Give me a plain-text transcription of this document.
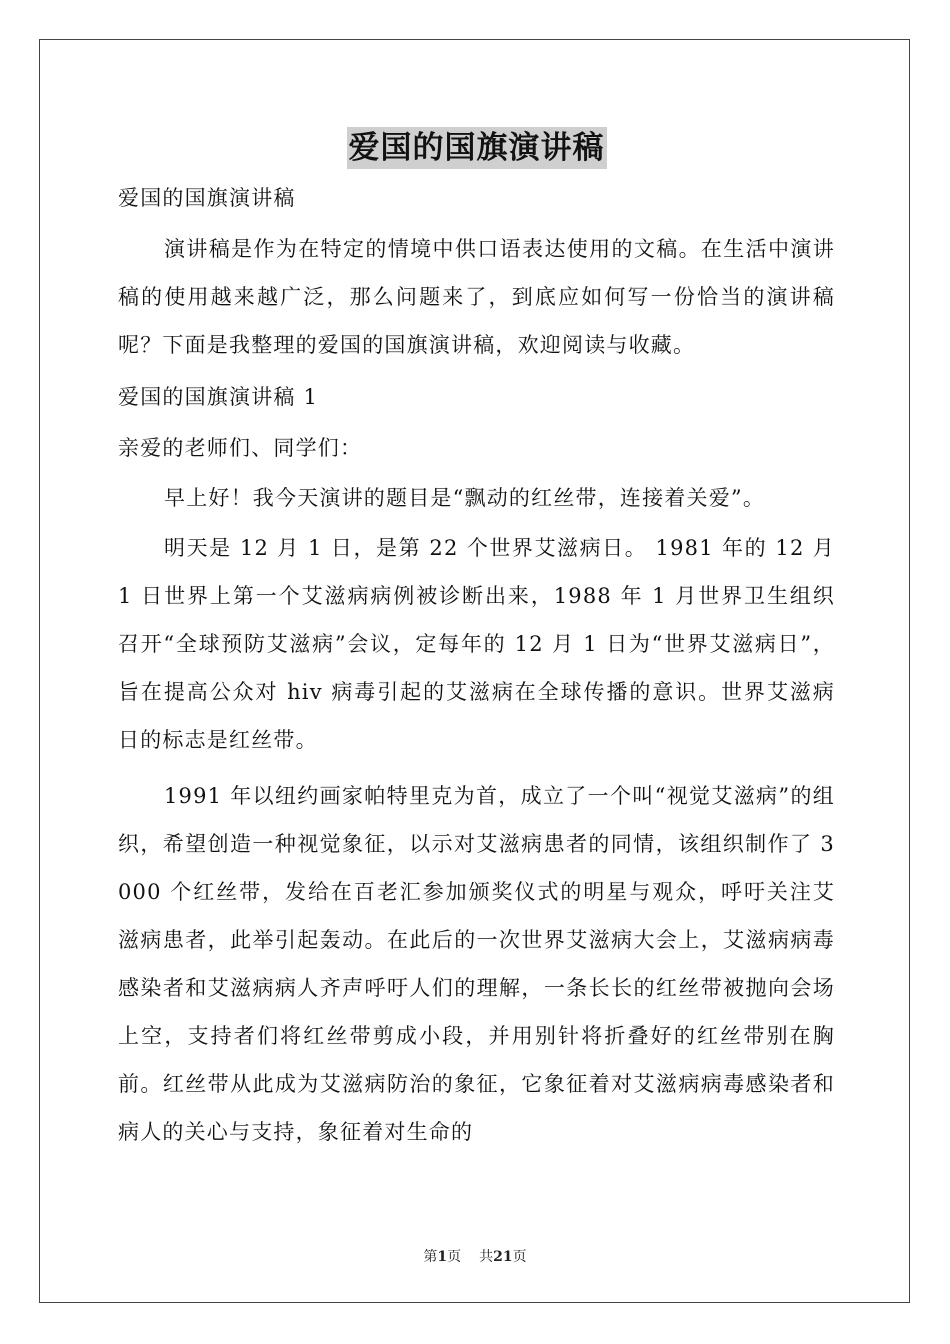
爱国的国旗演讲稿
爱国的国旗演讲稿
演讲稿是作为在特定的情境中供口语表达使用的文稿。在生活中演讲稿的使用越来越广泛，那么问题来了，到底应如何写一份恰当的演讲稿呢？下面是我整理的爱国的国旗演讲稿，欢迎阅读与收藏。
爱国的国旗演讲稿 1
亲爱的老师们、同学们：
早上好！我今天演讲的题目是“飘动的红丝带，连接着关爱”。
明天是 12 月 1 日，是第 22 个世界艾滋病日。 1981 年的 12 月 1 日世界上第一个艾滋病病例被诊断出来，1988 年 1 月世界卫生组织召开“全球预防艾滋病”会议，定每年的 12 月 1 日为“世界艾滋病日”，旨在提高公众对 hiv 病毒引起的艾滋病在全球传播的意识。世界艾滋病日的标志是红丝带。
1991 年以纽约画家帕特里克为首，成立了一个叫“视觉艾滋病”的组织，希望创造一种视觉象征，以示对艾滋病患者的同情，该组织制作了 3000 个红丝带，发给在百老汇参加颁奖仪式的明星与观众，呼吁关注艾滋病患者，此举引起轰动。在此后的一次世界艾滋病大会上，艾滋病病毒感染者和艾滋病病人齐声呼吁人们的理解，一条长长的红丝带被抛向会场上空，支持者们将红丝带剪成小段，并用别针将折叠好的红丝带别在胸前。红丝带从此成为艾滋病防治的象征，它象征着对艾滋病病毒感染者和病人的关心与支持，象征着对生命的
第1页 共21页
